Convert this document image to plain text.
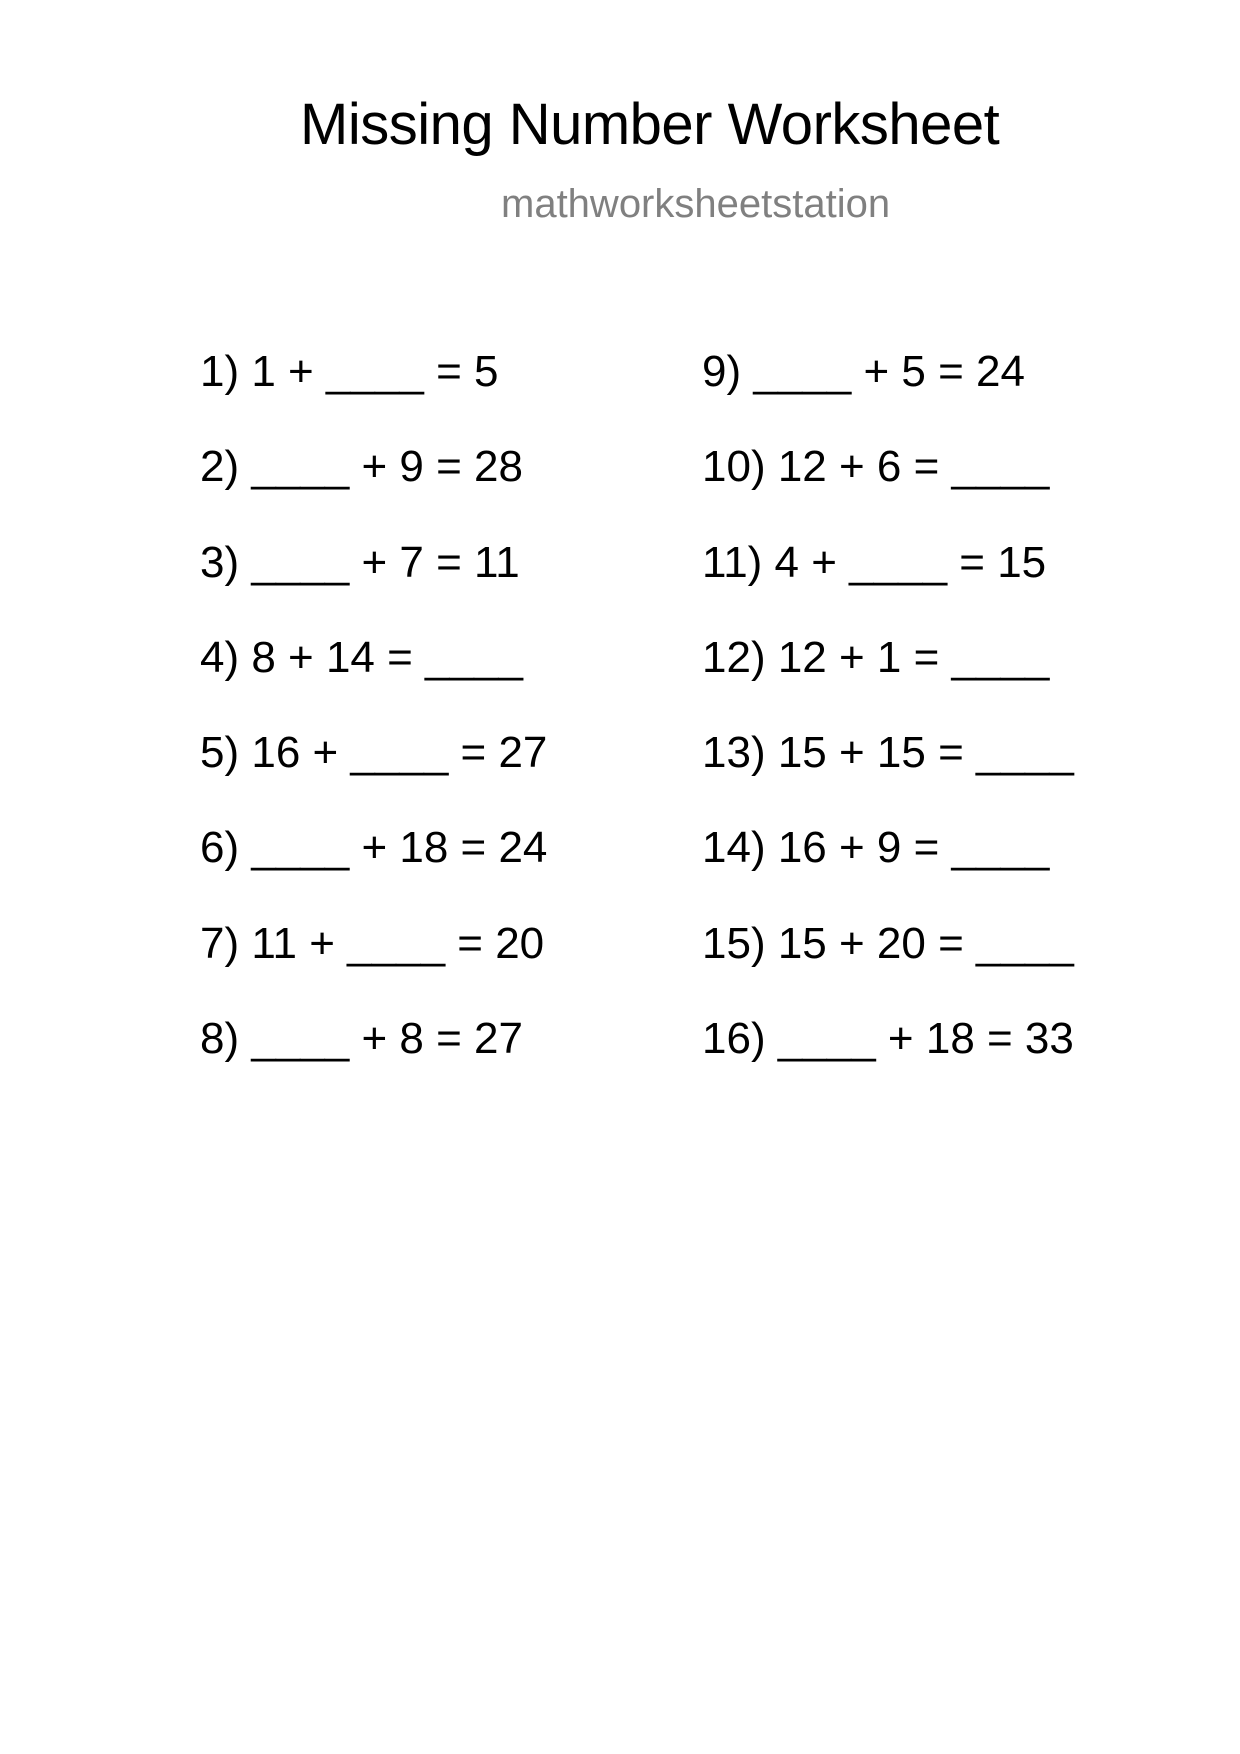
Missing Number Worksheet
mathworksheetstation
1) 1 + ____ = 5
2) ____ + 9 = 28
3) ____ + 7 = 11
4) 8 + 14 = ____
5) 16 + ____ = 27
6) ____ + 18 = 24
7) 11 + ____ = 20
8) ____ + 8 = 27
9) ____ + 5 = 24
10) 12 + 6 = ____
11) 4 + ____ = 15
12) 12 + 1 = ____
13) 15 + 15 = ____
14) 16 + 9 = ____
15) 15 + 20 = ____
16) ____ + 18 = 33
